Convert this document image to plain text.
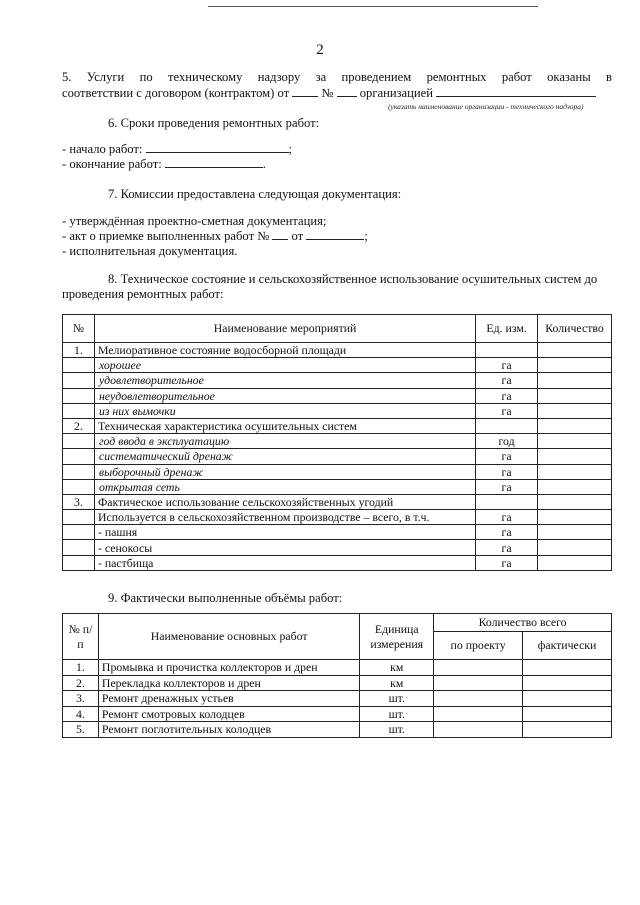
2
5. Услуги по техническому надзору за проведением ремонтных работ оказаны в
соответствии с договором (контрактом) от	№ организацией
(указать наименование организации - технического надзора)
6. Сроки проведения ремонтных работ:
- начало работ:	;
- окончание работ:	.
7. Комиссии предоставлена следующая документация:
- утверждённая проектно-сметная документация;
- акт о приемке выполненных работ № от	;
- исполнительная документация.
8. Техническое состояние и сельскохозяйственное использование осушительных систем до
проведения ремонтных работ:
№	Наименование мероприятий	Ед. изм.	Количество
1.	Мелиоративное состояние водосборной площади		
	хорошее	га	
	удовлетворительное	га	
	неудовлетворительное	га	
	из них вымочки	га	
2.	Техническая характеристика осушительных систем		
	год ввода в эксплуатацию	год	
	систематический дренаж	га	
	выборочный дренаж	га	
	открытая сеть	га	
3.	Фактическое использование сельскохозяйственных угодий		
	Используется в сельскохозяйственном производстве – всего, в т.ч.	га	
	- пашня	га	
	- сенокосы	га	
	- пастбища	га	
9. Фактически выполненные объёмы работ:
№ п/п	Наименование основных работ	Единица измерения	Количество всего	
			по проекту	фактически
1.	Промывка и прочистка коллекторов и дрен	км		
2.	Перекладка коллекторов и дрен	км		
3.	Ремонт дренажных устьев	шт.		
4.	Ремонт смотровых колодцев	шт.		
5.	Ремонт поглотительных колодцев	шт.		
